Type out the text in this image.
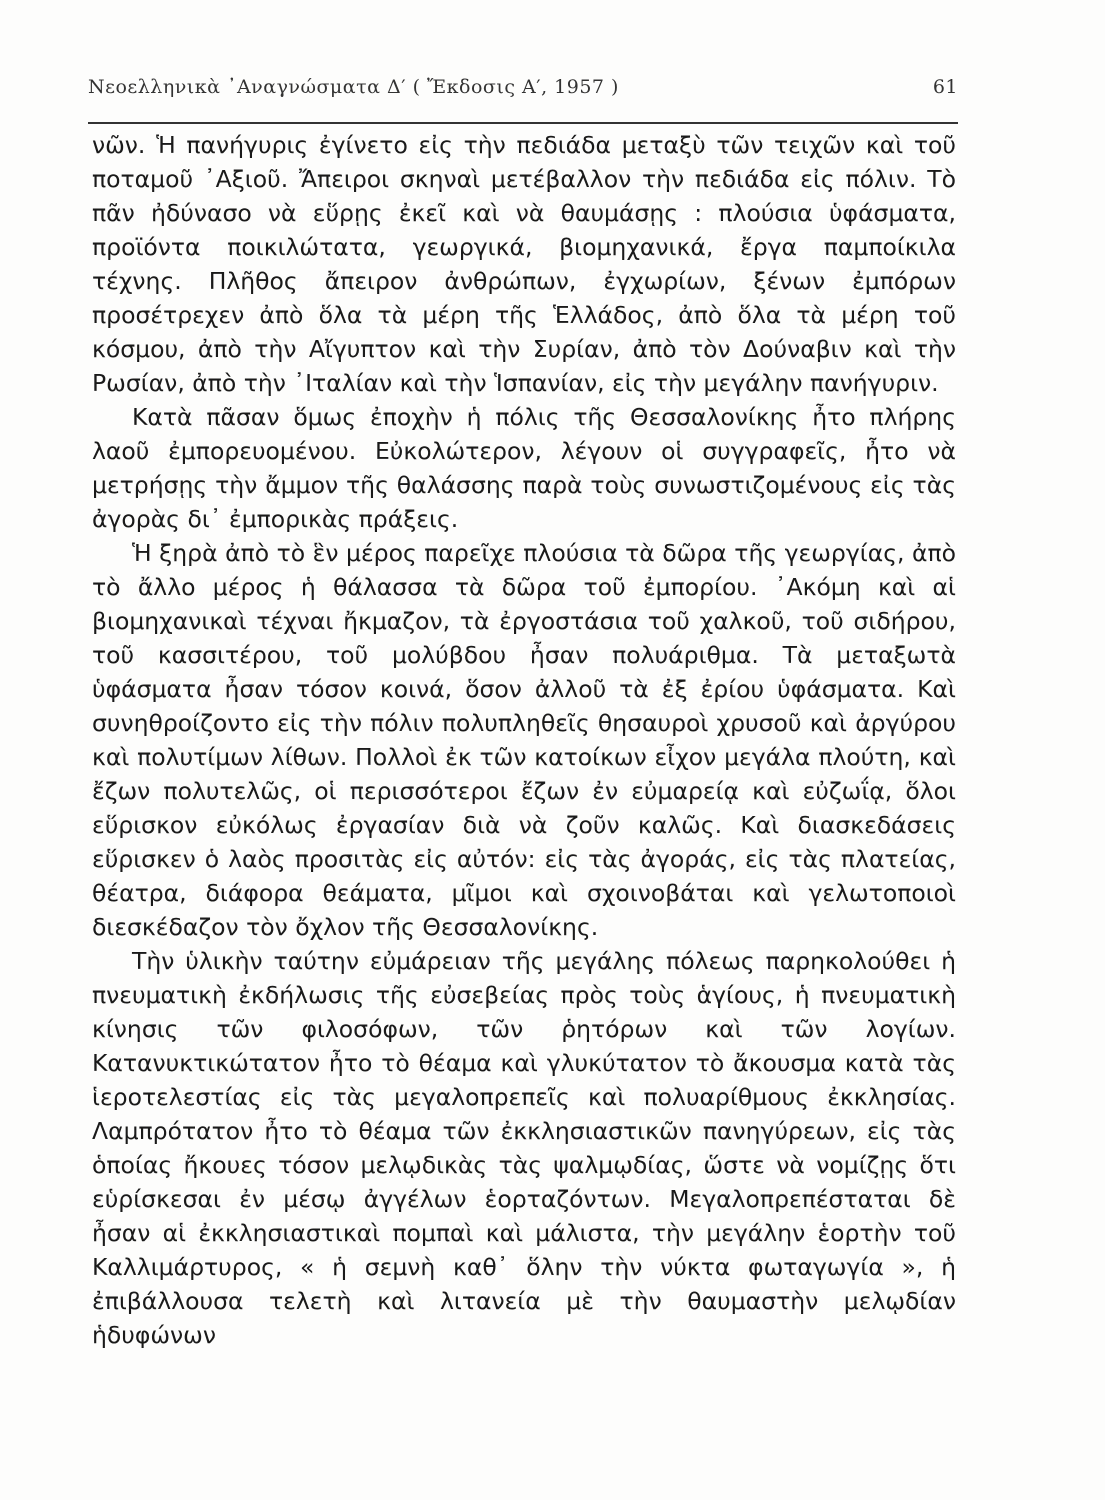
Νεοελληνικὰ ᾿Αναγνώσματα Δ′ ( Ἔκδοσις Α′, 1957 )	61

νῶν. Ἡ πανήγυρις ἐγίνετο εἰς τὴν πεδιάδα μεταξὺ τῶν τειχῶν καὶ τοῦ ποταμοῦ ᾿Αξιοῦ. Ἄπειροι σκηναὶ μετέβαλλον τὴν πεδιάδα εἰς πόλιν. Τὸ πᾶν ἠδύνασο νὰ εὕρῃς ἐκεῖ καὶ νὰ θαυμάσῃς : πλούσια ὑφάσματα, προϊόντα ποικιλώτατα, γεωργικά, βιομηχανικά, ἔργα παμποίκιλα τέχνης. Πλῆθος ἄπειρον ἀνθρώπων, ἐγχωρίων, ξένων ἐμπόρων προσέτρεχεν ἀπὸ ὅλα τὰ μέρη τῆς Ἑλλάδος, ἀπὸ ὅλα τὰ μέρη τοῦ κόσμου, ἀπὸ τὴν Αἴγυπτον καὶ τὴν Συρίαν, ἀπὸ τὸν Δούναβιν καὶ τὴν Ρωσίαν, ἀπὸ τὴν ᾿Ιταλίαν καὶ τὴν Ἱσπανίαν, εἰς τὴν μεγάλην πανήγυριν.

Κατὰ πᾶσαν ὅμως ἐποχὴν ἡ πόλις τῆς Θεσσαλονίκης ἦτο πλήρης λαοῦ ἐμπορευομένου. Εὐκολώτερον, λέγουν οἱ συγγραφεῖς, ἦτο νὰ μετρήσῃς τὴν ἄμμον τῆς θαλάσσης παρὰ τοὺς συνωστιζομένους εἰς τὰς ἀγορὰς δι᾿ ἐμπορικὰς πράξεις.

Ἡ ξηρὰ ἀπὸ τὸ ἓν μέρος παρεῖχε πλούσια τὰ δῶρα τῆς γεωργίας, ἀπὸ τὸ ἄλλο μέρος ἡ θάλασσα τὰ δῶρα τοῦ ἐμπορίου. ᾿Ακόμη καὶ αἱ βιομηχανικαὶ τέχναι ἤκμαζον, τὰ ἐργοστάσια τοῦ χαλκοῦ, τοῦ σιδήρου, τοῦ κασσιτέρου, τοῦ μολύβδου ἦσαν πολυάριθμα. Τὰ μεταξωτὰ ὑφάσματα ἦσαν τόσον κοινά, ὅσον ἀλλοῦ τὰ ἐξ ἐρίου ὑφάσματα. Καὶ συνηθροίζοντο εἰς τὴν πόλιν πολυπληθεῖς θησαυροὶ χρυσοῦ καὶ ἀργύρου καὶ πολυτίμων λίθων. Πολλοὶ ἐκ τῶν κατοίκων εἶχον μεγάλα πλούτη, καὶ ἔζων πολυτελῶς, οἱ περισσότεροι ἔζων ἐν εὐμαρείᾳ καὶ εὐζωΐᾳ, ὅλοι εὕρισκον εὐκόλως ἐργασίαν διὰ νὰ ζοῦν καλῶς. Καὶ διασκεδάσεις εὕρισκεν ὁ λαὸς προσιτὰς εἰς αὐτόν: εἰς τὰς ἀγοράς, εἰς τὰς πλατείας, θέατρα, διάφορα θεάματα, μῖμοι καὶ σχοινοβάται καὶ γελωτοποιοὶ διεσκέδαζον τὸν ὄχλον τῆς Θεσσαλονίκης.

Τὴν ὑλικὴν ταύτην εὐμάρειαν τῆς μεγάλης πόλεως παρηκολούθει ἡ πνευματικὴ ἐκδήλωσις τῆς εὐσεβείας πρὸς τοὺς ἁγίους, ἡ πνευματικὴ κίνησις τῶν φιλοσόφων, τῶν ῥητόρων καὶ τῶν λογίων. Κατανυκτικώτατον ἦτο τὸ θέαμα καὶ γλυκύτατον τὸ ἄκουσμα κατὰ τὰς ἱεροτελεστίας εἰς τὰς μεγαλοπρεπεῖς καὶ πολυαρίθμους ἐκκλησίας. Λαμπρότατον ἦτο τὸ θέαμα τῶν ἐκκλησιαστικῶν πανηγύρεων, εἰς τὰς ὁποίας ἤκουες τόσον μελῳδικὰς τὰς ψαλμῳδίας, ὥστε νὰ νομίζῃς ὅτι εὑρίσκεσαι ἐν μέσῳ ἀγγέλων ἑορταζόντων. Μεγαλοπρεπέσταται δὲ ἦσαν αἱ ἐκκλησιαστικαὶ πομπαὶ καὶ μάλιστα, τὴν μεγάλην ἑορτὴν τοῦ Καλλιμάρτυρος, « ἡ σεμνὴ καθ᾿ ὅλην τὴν νύκτα φωταγωγία », ἡ ἐπιβάλλουσα τελετὴ καὶ λιτανεία μὲ τὴν θαυμαστὴν μελῳδίαν ἡδυφώνων
